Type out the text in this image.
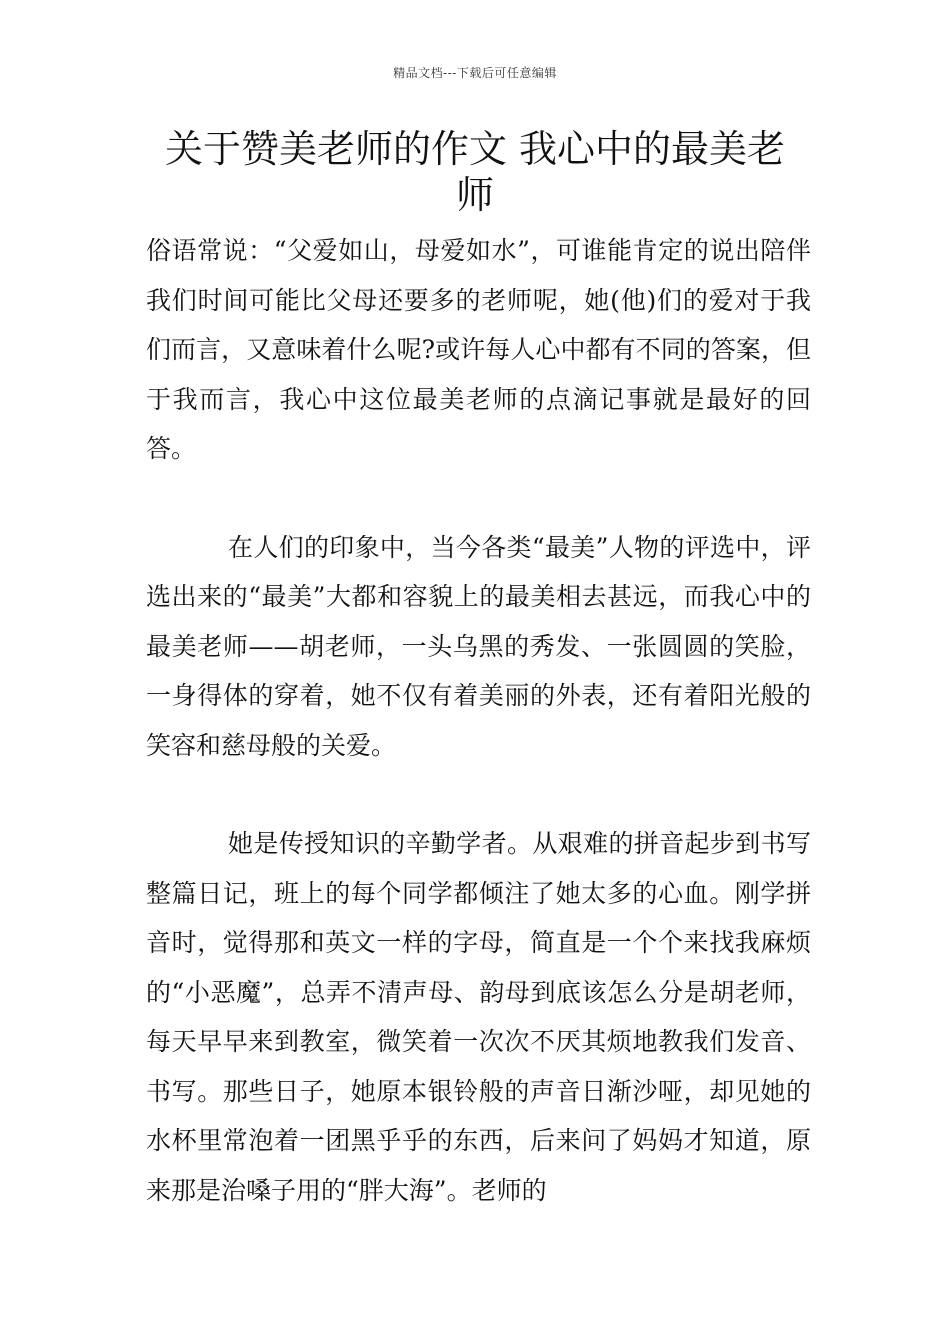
精品文档---下载后可任意编辑
关于赞美老师的作文 我心中的最美老师

俗语常说：“父爱如山，母爱如水”，可谁能肯定的说出陪伴我们时间可能比父母还要多的老师呢，她(他)们的爱对于我们而言，又意味着什么呢?或许每人心中都有不同的答案，但于我而言，我心中这位最美老师的点滴记事就是最好的回答。

在人们的印象中，当今各类“最美”人物的评选中，评选出来的“最美”大都和容貌上的最美相去甚远，而我心中的最美老师——胡老师，一头乌黑的秀发、一张圆圆的笑脸，一身得体的穿着，她不仅有着美丽的外表，还有着阳光般的笑容和慈母般的关爱。

她是传授知识的辛勤学者。从艰难的拼音起步到书写整篇日记，班上的每个同学都倾注了她太多的心血。刚学拼音时，觉得那和英文一样的字母，简直是一个个来找我麻烦的“小恶魔”，总弄不清声母、韵母到底该怎么分是胡老师，每天早早来到教室，微笑着一次次不厌其烦地教我们发音、书写。那些日子，她原本银铃般的声音日渐沙哑，却见她的水杯里常泡着一团黑乎乎的东西，后来问了妈妈才知道，原来那是治嗓子用的“胖大海”。老师的
